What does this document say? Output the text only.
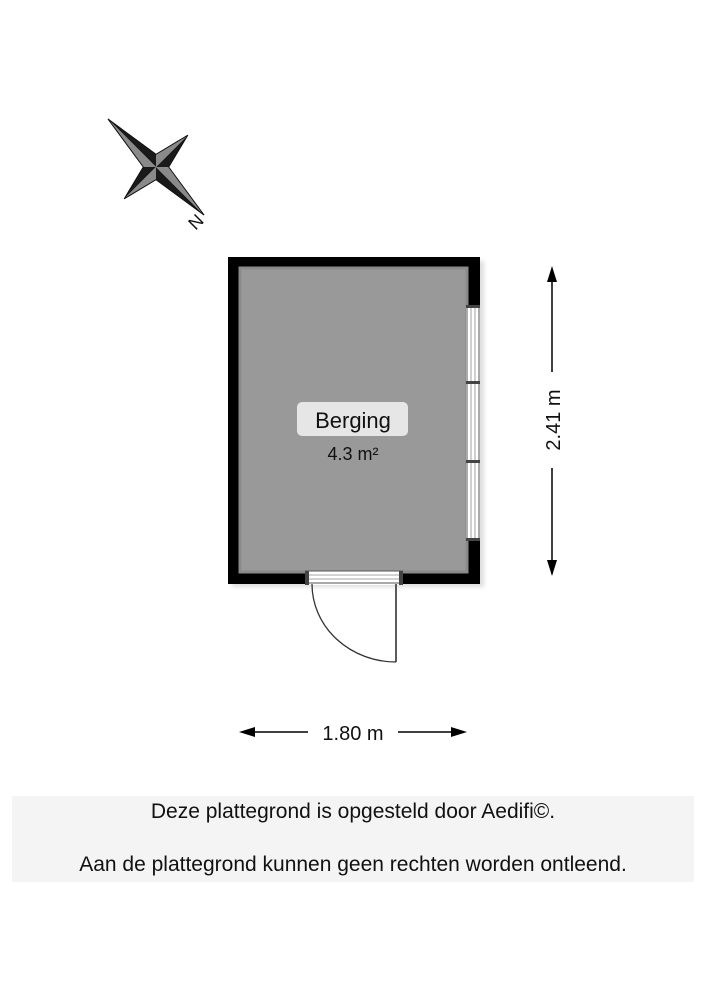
N
Berging
4.3 m²
2.41 m
1.80 m
Deze plattegrond is opgesteld door Aedifi©.
Aan de plattegrond kunnen geen rechten worden ontleend.
